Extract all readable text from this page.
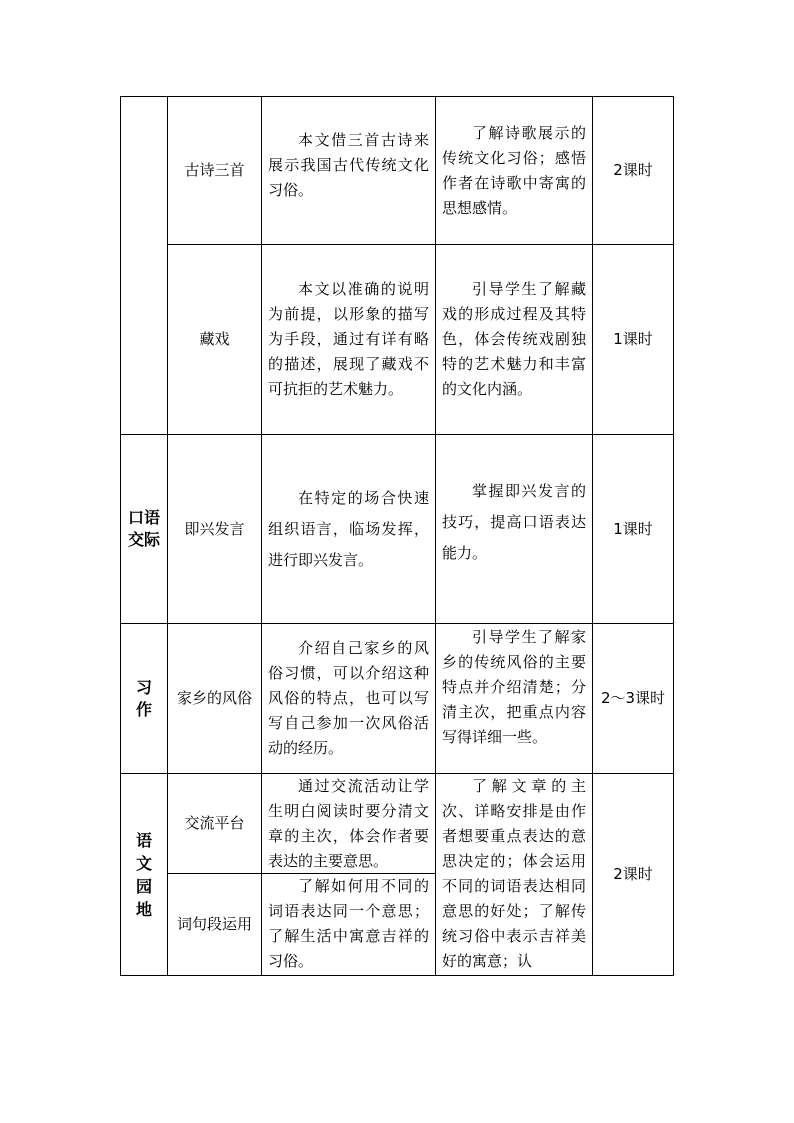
古诗三首
本文借三首古诗来展示我国古代传统文化习俗。
了解诗歌展示的传统文化习俗；感悟作者在诗歌中寄寓的思想感情。
2课时
藏戏
本文以准确的说明为前提，以形象的描写为手段，通过有详有略的描述，展现了藏戏不可抗拒的艺术魅力。
引导学生了解藏戏的形成过程及其特色，体会传统戏剧独特的艺术魅力和丰富的文化内涵。
1课时
口语交际
即兴发言
在特定的场合快速组织语言，临场发挥，进行即兴发言。
掌握即兴发言的技巧，提高口语表达能力。
1课时
习作
家乡的风俗
介绍自己家乡的风俗习惯，可以介绍这种风俗的特点，也可以写写自己参加一次风俗活动的经历。
引导学生了解家乡的传统风俗的主要特点并介绍清楚；分清主次，把重点内容写得详细一些。
2～3课时
语文园地
交流平台
通过交流活动让学生明白阅读时要分清文章的主次，体会作者要表达的主要意思。
词句段运用
了解如何用不同的词语表达同一个意思；了解生活中寓意吉祥的习俗。
了解文章的主次、详略安排是由作者想要重点表达的意思决定的；体会运用不同的词语表达相同意思的好处；了解传统习俗中表示吉祥美好的寓意；认
2课时
